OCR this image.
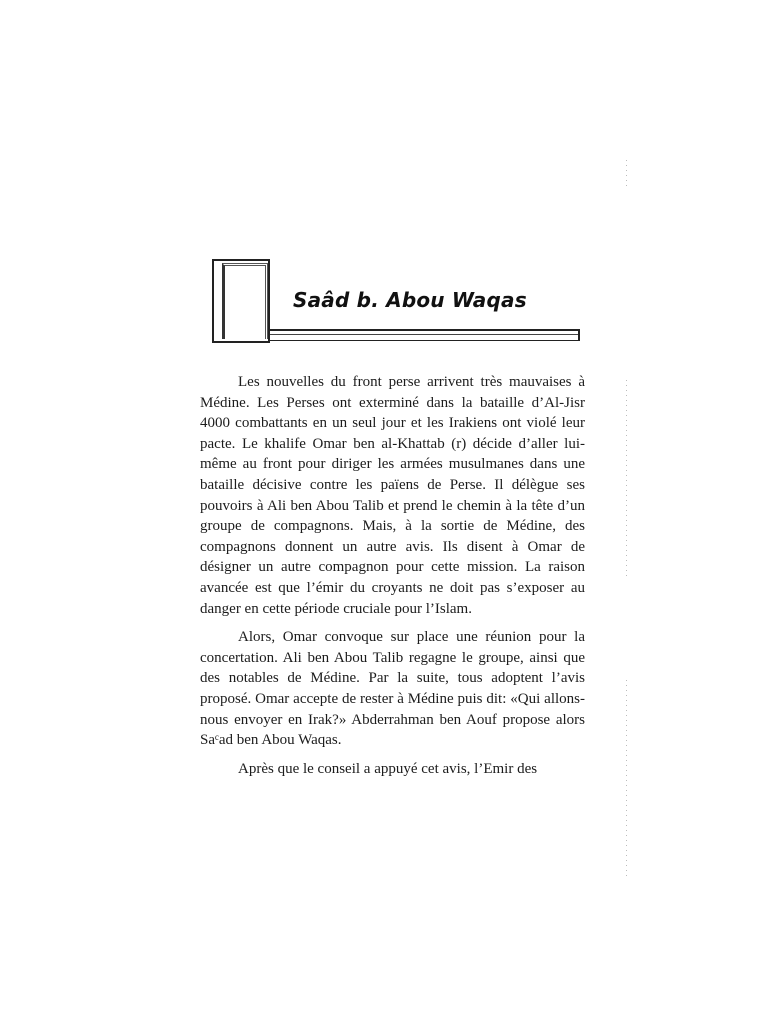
Saâd b. Abou Waqas

Les nouvelles du front perse arrivent très mauvaises à Médine. Les Perses ont exterminé dans la bataille d’Al-Jisr 4000 combattants en un seul jour et les Irakiens ont violé leur pacte. Le khalife Omar ben al-Khattab (r) décide d’aller lui-même au front pour diriger les armées musulmanes dans une bataille décisive contre les païens de Perse. Il délègue ses pouvoirs à Ali ben Abou Talib et prend le chemin à la tête d’un groupe de compagnons. Mais, à la sortie de Médine, des compagnons donnent un autre avis. Ils disent à Omar de désigner un autre compagnon pour cette mission. La raison avancée est que l’émir du croyants ne doit pas s’exposer au danger en cette période cruciale pour l’Islam.

Alors, Omar convoque sur place une réunion pour la concertation. Ali ben Abou Talib regagne le groupe, ainsi que des notables de Médine. Par la suite, tous adoptent l’avis proposé. Omar accepte de rester à Médine puis dit: «Qui allons-nous envoyer en Irak?» Abderrahman ben Aouf propose alors Saᶜad ben Abou Waqas.

Après que le conseil a appuyé cet avis, l’Emir des
